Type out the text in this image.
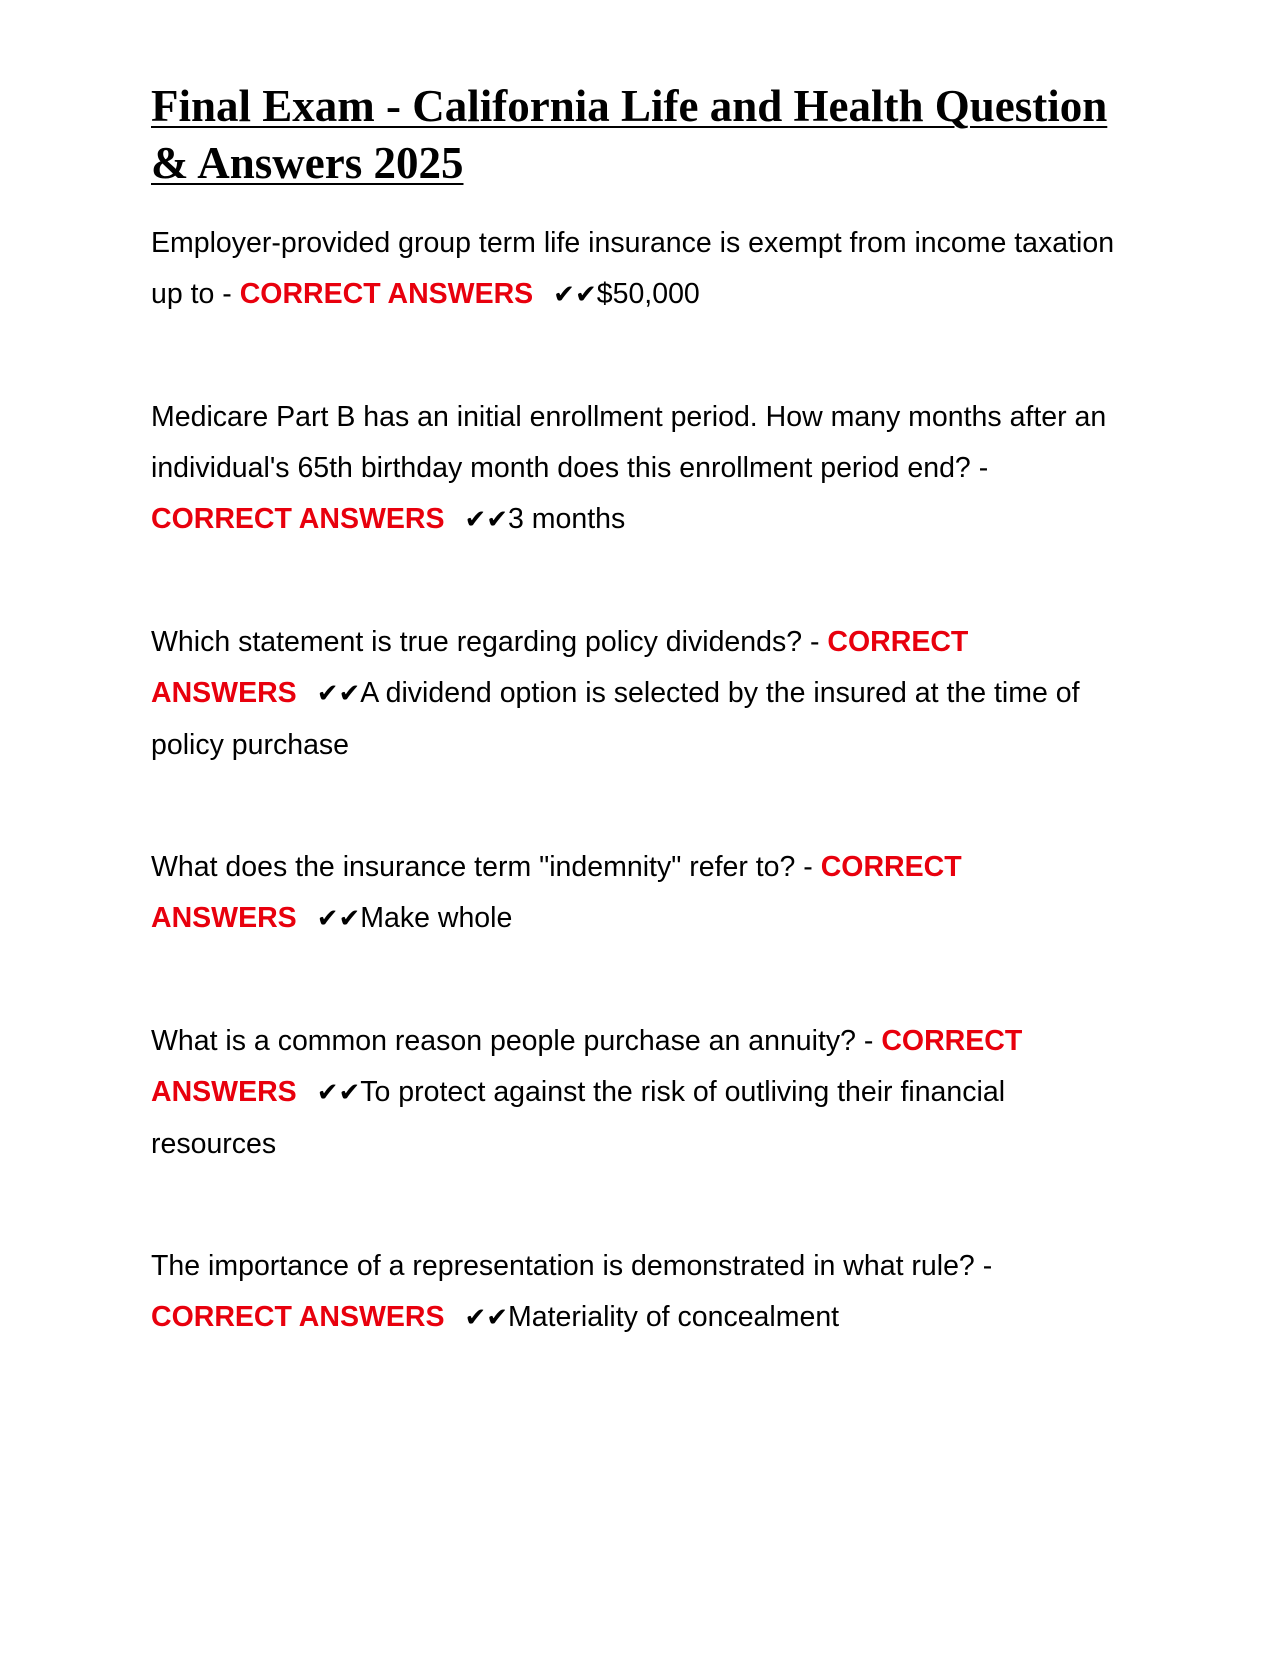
Final Exam - California Life and Health Question & Answers 2025

Employer-provided group term life insurance is exempt from income taxation up to - CORRECT ANSWERS ✔✔$50,000

Medicare Part B has an initial enrollment period. How many months after an individual's 65th birthday month does this enrollment period end? - CORRECT ANSWERS ✔✔3 months

Which statement is true regarding policy dividends? - CORRECT ANSWERS ✔✔A dividend option is selected by the insured at the time of policy purchase

What does the insurance term "indemnity" refer to? - CORRECT ANSWERS ✔✔Make whole

What is a common reason people purchase an annuity? - CORRECT ANSWERS ✔✔To protect against the risk of outliving their financial resources

The importance of a representation is demonstrated in what rule? - CORRECT ANSWERS ✔✔Materiality of concealment
